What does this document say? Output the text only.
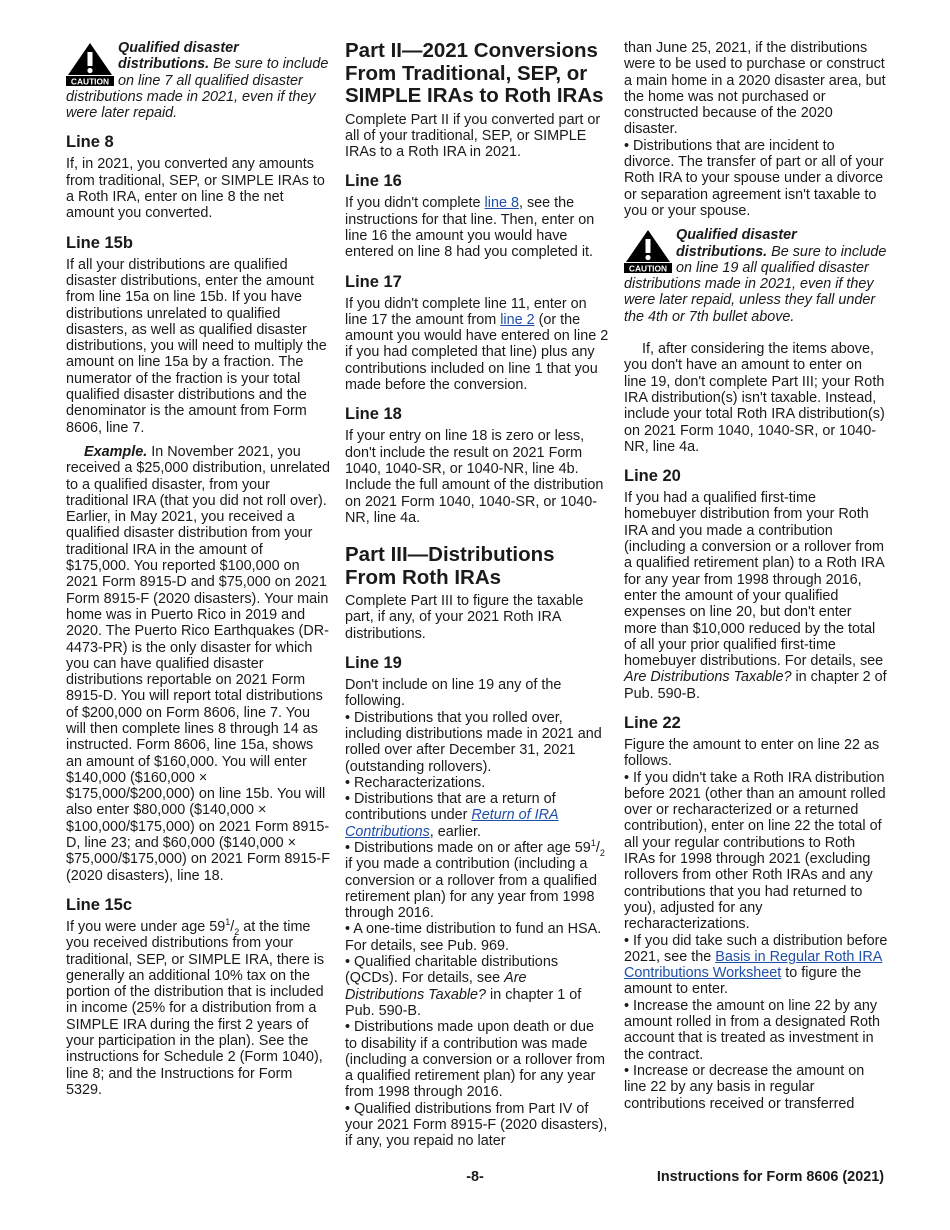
CAUTION

Qualified disaster distributions. Be sure to include on line 7 all qualified disaster distributions made in 2021, even if they were later repaid.

Line 8

If, in 2021, you converted any amounts from traditional, SEP, or SIMPLE IRAs to a Roth IRA, enter on line 8 the net amount you converted.

Line 15b

If all your distributions are qualified disaster distributions, enter the amount from line 15a on line 15b. If you have distributions unrelated to qualified disasters, as well as qualified disaster distributions, you will need to multiply the amount on line 15a by a fraction. The numerator of the fraction is your total qualified disaster distributions and the denominator is the amount from Form 8606, line 7.

Example. In November 2021, you received a $25,000 distribution, unrelated to a qualified disaster, from your traditional IRA (that you did not roll over). Earlier, in May 2021, you received a qualified disaster distribution from your traditional IRA in the amount of $175,000. You reported $100,000 on 2021 Form 8915-D and $75,000 on 2021 Form 8915-F (2020 disasters). Your main home was in Puerto Rico in 2019 and 2020. The Puerto Rico Earthquakes (DR-4473-PR) is the only disaster for which you can have qualified disaster distributions reportable on 2021 Form 8915-D. You will report total distributions of $200,000 on Form 8606, line 7. You will then complete lines 8 through 14 as instructed. Form 8606, line 15a, shows an amount of $160,000. You will enter $140,000 ($160,000 × $175,000/$200,000) on line 15b. You will also enter $80,000 ($140,000 × $100,000/$175,000) on 2021 Form 8915-D, line 23; and $60,000 ($140,000 × $75,000/$175,000) on 2021 Form 8915-F (2020 disasters), line 18.

Line 15c

If you were under age $59^1/_2$ at the time you received distributions from your traditional, SEP, or SIMPLE IRA, there is generally an additional 10% tax on the portion of the distribution that is included in income (25% for a distribution from a SIMPLE IRA during the first 2 years of your participation in the plan). See the instructions for Schedule 2 (Form 1040), line 8; and the Instructions for Form 5329.

Part II—2021 Conversions From Traditional, SEP, or SIMPLE IRAs to Roth IRAs

Complete Part II if you converted part or all of your traditional, SEP, or SIMPLE IRAs to a Roth IRA in 2021.

Line 16

If you didn't complete line 8, see the instructions for that line. Then, enter on line 16 the amount you would have entered on line 8 had you completed it.

Line 17

If you didn't complete line 11, enter on line 17 the amount from line 2 (or the amount you would have entered on line 2 if you had completed that line) plus any contributions included on line 1 that you made before the conversion.

Line 18

If your entry on line 18 is zero or less, don't include the result on 2021 Form 1040, 1040-SR, or 1040-NR, line 4b. Include the full amount of the distribution on 2021 Form 1040, 1040-SR, or 1040-NR, line 4a.

Part III—Distributions From Roth IRAs

Complete Part III to figure the taxable part, if any, of your 2021 Roth IRA distributions.

Line 19

Don't include on line 19 any of the following.

• Distributions that you rolled over, including distributions made in 2021 and rolled over after December 31, 2021 (outstanding rollovers).

• Recharacterizations.

• Distributions that are a return of contributions under Return of IRA Contributions, earlier.

• Distributions made on or after age $59^1/_2$ if you made a contribution (including a conversion or a rollover from a qualified retirement plan) for any year from 1998 through 2016.

• A one-time distribution to fund an HSA. For details, see Pub. 969.

• Qualified charitable distributions (QCDs). For details, see Are Distributions Taxable? in chapter 1 of Pub. 590-B.

• Distributions made upon death or due to disability if a contribution was made (including a conversion or a rollover from a qualified retirement plan) for any year from 1998 through 2016.

• Qualified distributions from Part IV of your 2021 Form 8915-F (2020 disasters), if any, you repaid no later

than June 25, 2021, if the distributions were to be used to purchase or construct a main home in a 2020 disaster area, but the home was not purchased or constructed because of the 2020 disaster.

• Distributions that are incident to divorce. The transfer of part or all of your Roth IRA to your spouse under a divorce or separation agreement isn't taxable to you or your spouse.

CAUTION

Qualified disaster distributions. Be sure to include on line 19 all qualified disaster distributions made in 2021, even if they were later repaid, unless they fall under the 4th or 7th bullet above.

If, after considering the items above, you don't have an amount to enter on line 19, don't complete Part III; your Roth IRA distribution(s) isn't taxable. Instead, include your total Roth IRA distribution(s) on 2021 Form 1040, 1040-SR, or 1040-NR, line 4a.

Line 20

If you had a qualified first-time homebuyer distribution from your Roth IRA and you made a contribution (including a conversion or a rollover from a qualified retirement plan) to a Roth IRA for any year from 1998 through 2016, enter the amount of your qualified expenses on line 20, but don't enter more than $10,000 reduced by the total of all your prior qualified first-time homebuyer distributions. For details, see Are Distributions Taxable? in chapter 2 of Pub. 590-B.

Line 22

Figure the amount to enter on line 22 as follows.

• If you didn't take a Roth IRA distribution before 2021 (other than an amount rolled over or recharacterized or a returned contribution), enter on line 22 the total of all your regular contributions to Roth IRAs for 1998 through 2021 (excluding rollovers from other Roth IRAs and any contributions that you had returned to you), adjusted for any recharacterizations.

• If you did take such a distribution before 2021, see the Basis in Regular Roth IRA Contributions Worksheet to figure the amount to enter.

• Increase the amount on line 22 by any amount rolled in from a designated Roth account that is treated as investment in the contract.

• Increase or decrease the amount on line 22 by any basis in regular contributions received or transferred

-8-	Instructions for Form 8606 (2021)
